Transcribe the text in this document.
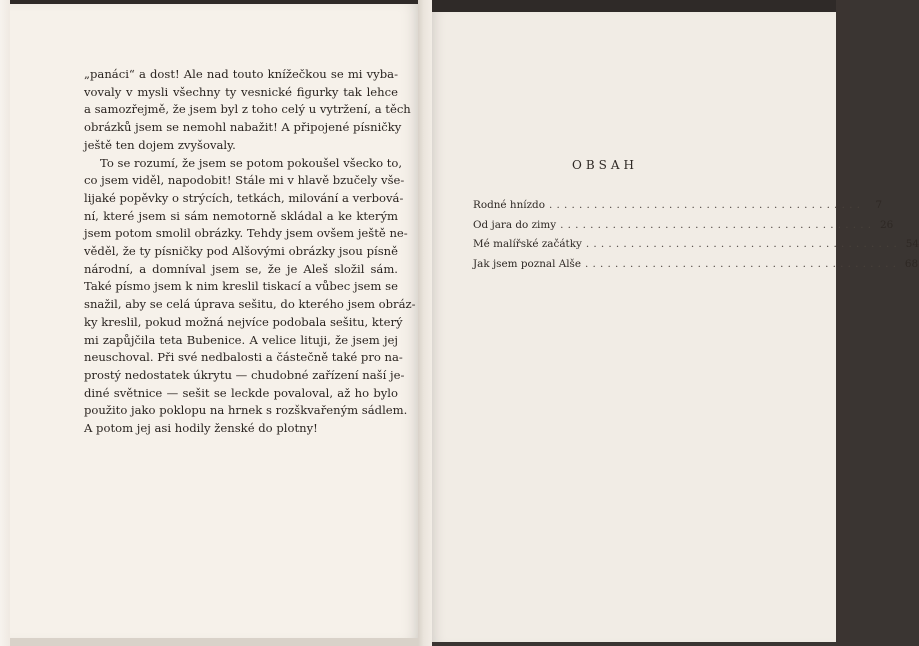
„panáci“ a dost! Ale nad touto knížečkou se mi vyba-
vovaly v mysli všechny ty vesnické figurky tak lehce
a samozřejmě, že jsem byl z toho celý u vytržení, a těch
obrázků jsem se nemohl nabažit! A připojené písničky
ještě ten dojem zvyšovaly.
To se rozumí, že jsem se potom pokoušel všecko to,
co jsem viděl, napodobit! Stále mi v hlavě bzučely vše-
lijaké popěvky o strýcích, tetkách, milování a verbová-
ní, které jsem si sám nemotorně skládal a ke kterým
jsem potom smolil obrázky. Tehdy jsem ovšem ještě ne-
věděl, že ty písničky pod Alšovými obrázky jsou písně
národní, a domníval jsem se, že je Aleš složil sám.
Také písmo jsem k nim kreslil tiskací a vůbec jsem se
snažil, aby se celá úprava sešitu, do kterého jsem obráz-
ky kreslil, pokud možná nejvíce podobala sešitu, který
mi zapůjčila teta Bubenice. A velice lituji, že jsem jej
neuschoval. Při své nedbalosti a částečně také pro na-
prostý nedostatek úkrytu — chudobné zařízení naší je-
diné světnice — sešit se leckde povaloval, až ho bylo
použito jako poklopu na hrnek s rozškvařeným sádlem.
A potom jej asi hodily ženské do plotny!
OBSAH
Rodné hnízdo ..........................................	7
Od jara do zimy .......................................... 26
Mé malířské začátky .......................................... 54
Jak jsem poznal Alše .......................................... 68
